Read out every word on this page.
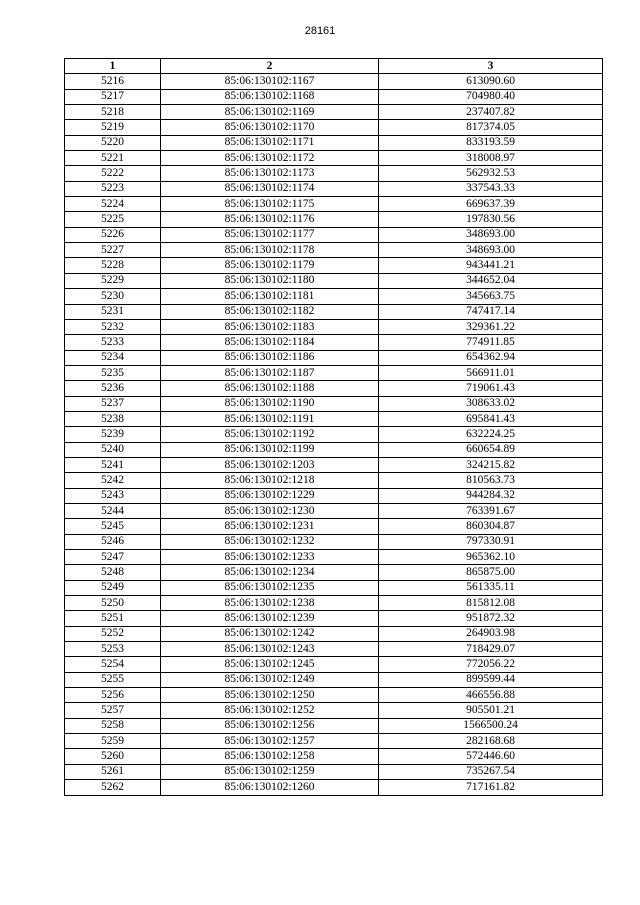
28161
1	2	3
5216	85:06:130102:1167	613090.60
5217	85:06:130102:1168	704980.40
5218	85:06:130102:1169	237407.82
5219	85:06:130102:1170	817374.05
5220	85:06:130102:1171	833193.59
5221	85:06:130102:1172	318008.97
5222	85:06:130102:1173	562932.53
5223	85:06:130102:1174	337543.33
5224	85:06:130102:1175	669637.39
5225	85:06:130102:1176	197830.56
5226	85:06:130102:1177	348693.00
5227	85:06:130102:1178	348693.00
5228	85:06:130102:1179	943441.21
5229	85:06:130102:1180	344652.04
5230	85:06:130102:1181	345663.75
5231	85:06:130102:1182	747417.14
5232	85:06:130102:1183	329361.22
5233	85:06:130102:1184	774911.85
5234	85:06:130102:1186	654362.94
5235	85:06:130102:1187	566911.01
5236	85:06:130102:1188	719061.43
5237	85:06:130102:1190	308633.02
5238	85:06:130102:1191	695841.43
5239	85:06:130102:1192	632224.25
5240	85:06:130102:1199	660654.89
5241	85:06:130102:1203	324215.82
5242	85:06:130102:1218	810563.73
5243	85:06:130102:1229	944284.32
5244	85:06:130102:1230	763391.67
5245	85:06:130102:1231	860304.87
5246	85:06:130102:1232	797330.91
5247	85:06:130102:1233	965362.10
5248	85:06:130102:1234	865875.00
5249	85:06:130102:1235	561335.11
5250	85:06:130102:1238	815812.08
5251	85:06:130102:1239	951872.32
5252	85:06:130102:1242	264903.98
5253	85:06:130102:1243	718429.07
5254	85:06:130102:1245	772056.22
5255	85:06:130102:1249	899599.44
5256	85:06:130102:1250	466556.88
5257	85:06:130102:1252	905501.21
5258	85:06:130102:1256	1566500.24
5259	85:06:130102:1257	282168.68
5260	85:06:130102:1258	572446.60
5261	85:06:130102:1259	735267.54
5262	85:06:130102:1260	717161.82
